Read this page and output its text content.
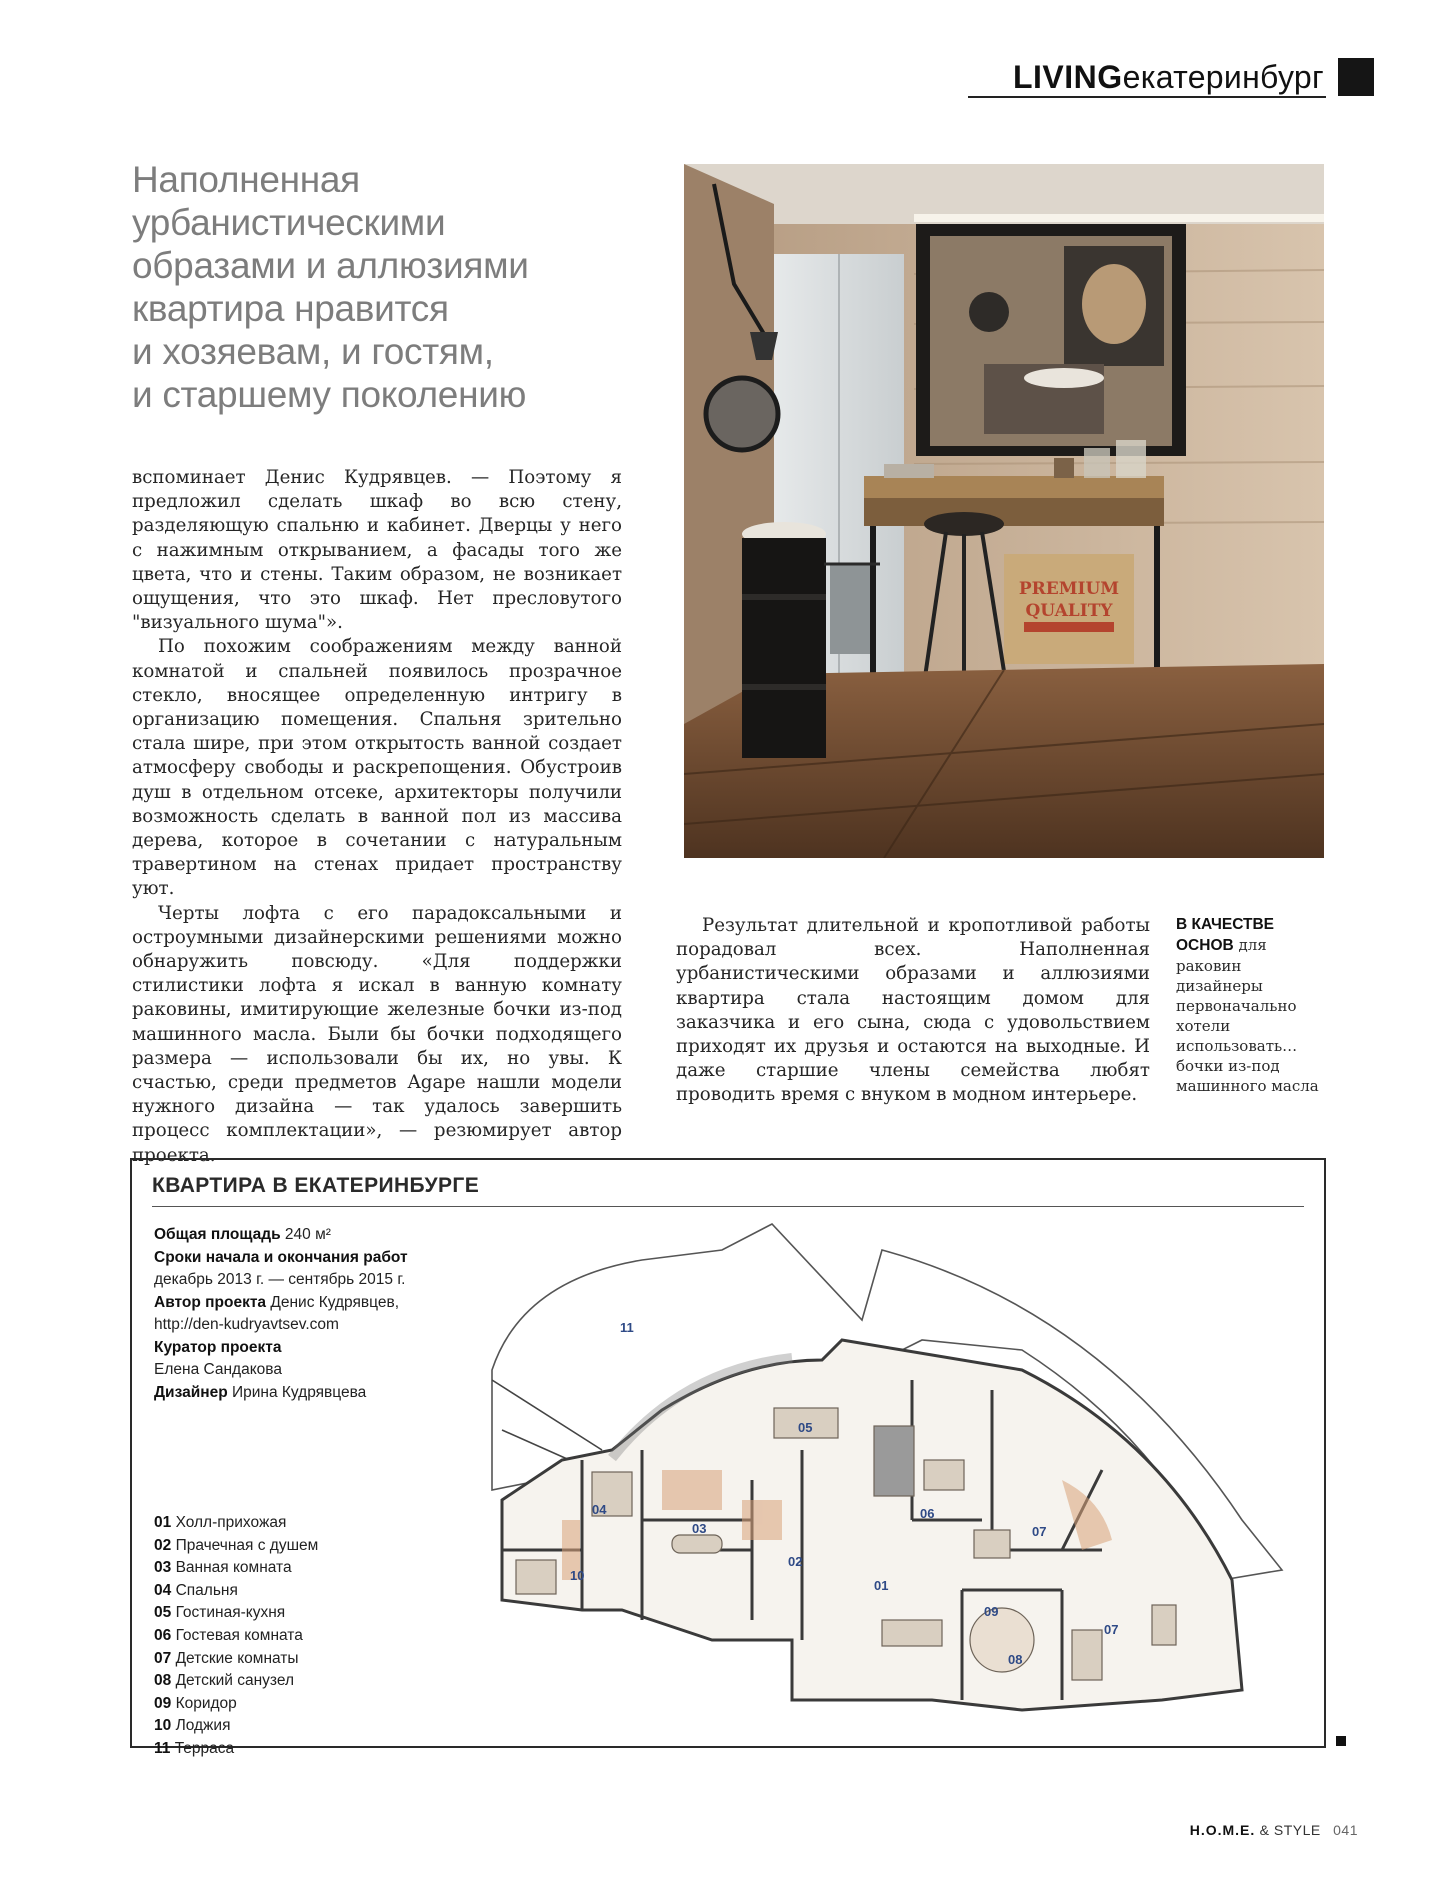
LIVING екатеринбург
Наполненная
урбанистическими
образами и аллюзиями
квартира нравится
и хозяевам, и гостям,
и старшему поколению

вспоминает Денис Кудрявцев. — Поэтому я предложил сделать шкаф во всю стену, разделяющую спальню и кабинет. Дверцы у него с нажимным открыванием, а фасады того же цвета, что и стены. Таким образом, не возникает ощущения, что это шкаф. Нет пресловутого "визуального шума"».

По похожим соображениям между ванной комнатой и спальней появилось прозрачное стекло, вносящее определенную интригу в организацию помещения. Спальня зрительно стала шире, при этом открытость ванной создает атмосферу свободы и раскрепощения. Обустроив душ в отдельном отсеке, архитекторы получили возможность сделать в ванной пол из массива дерева, которое в сочетании с натуральным травертином на стенах придает пространству уют.

Черты лофта с его парадоксальными и остроумными дизайнерскими решениями можно обнаружить повсюду. «Для поддержки стилистики лофта я искал в ванную комнату раковины, имитирующие железные бочки из-под машинного масла. Были бы бочки подходящего размера — использовали бы их, но увы. К счастью, среди предметов Agape нашли модели нужного дизайна — так удалось завершить процесс комплектации», — резюмирует автор проекта.

PREMIUM
QUALITY
Результат длительной и кропотливой работы порадовал всех. Наполненная урбанистическими образами и аллюзиями квартира стала настоящим домом для заказчика и его сына, сюда с удовольствием приходят их друзья и остаются на выходные. И даже старшие члены семейства любят проводить время с внуком в модном интерьере.
В КАЧЕСТВЕ ОСНОВ для раковин дизайнеры первоначально хотели использовать… бочки из-под машинного масла
КВАРТИРА В ЕКАТЕРИНБУРГЕ
Общая площадь 240 м²
Сроки начала и окончания работ
декабрь 2013 г. — сентябрь 2015 г.
Автор проекта Денис Кудрявцев,
http://den-kudryavtsev.com
Куратор проекта
Елена Сандакова
Дизайнер Ирина Кудрявцева
01 Холл-прихожая
02 Прачечная с душем
03 Ванная комната
04 Спальня
05 Гостиная-кухня
06 Гостевая комната
07 Детские комнаты
08 Детский санузел
09 Коридор
10 Лоджия
11 Терраса
11
05
04
10
03
02
01
06
07
09
08
07
H.O.M.E. & STYLE 041
